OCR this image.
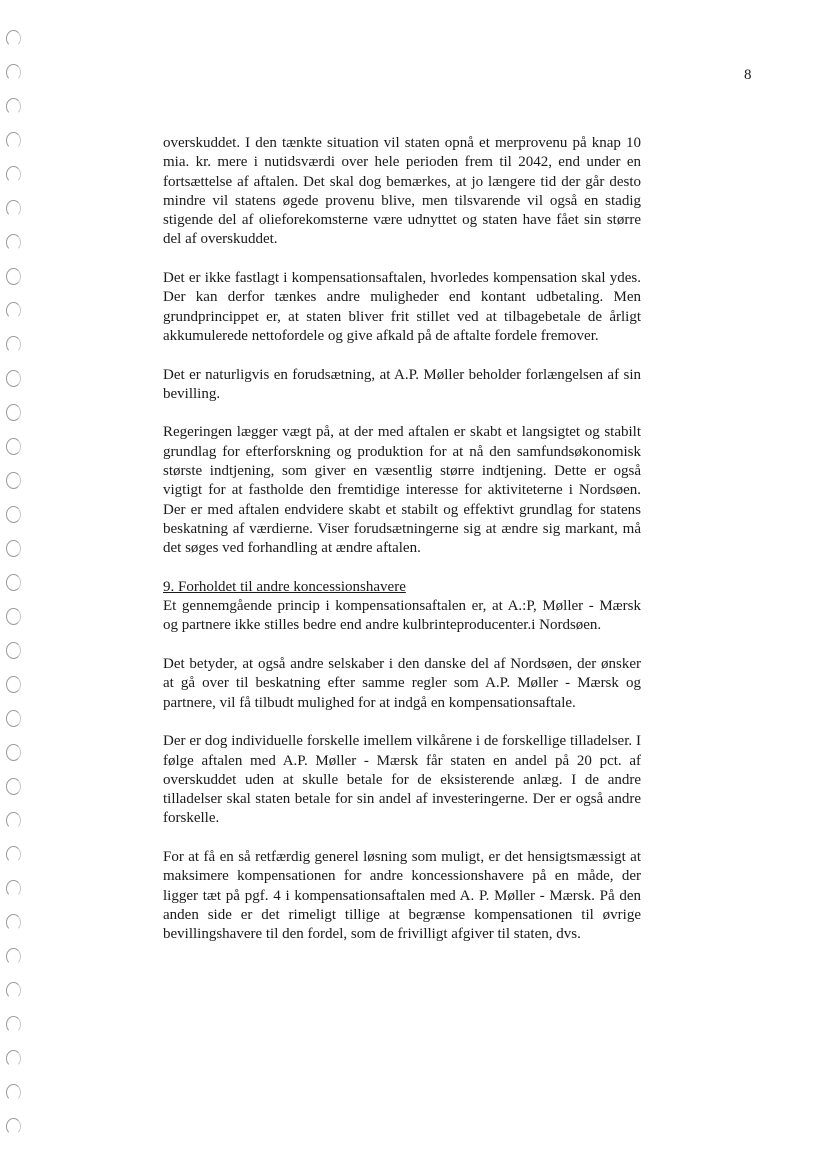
8

overskuddet. I den tænkte situation vil staten opnå et merprovenu på knap 10 mia. kr. mere i nutidsværdi over hele perioden frem til 2042, end under en fortsættelse af aftalen. Det skal dog bemærkes, at jo længere tid der går desto mindre vil statens øgede provenu blive, men tilsvarende vil også en stadig stigende del af olieforekomsterne være udnyttet og staten have fået sin større del af overskuddet.

Det er ikke fastlagt i kompensationsaftalen, hvorledes kompensation skal ydes. Der kan derfor tænkes andre muligheder end kontant udbetaling. Men grundprincippet er, at staten bliver frit stillet ved at tilbagebetale de årligt akkumulerede nettofordele og give afkald på de aftalte fordele fremover.

Det er naturligvis en forudsætning, at A.P. Møller beholder forlængelsen af sin bevilling.

Regeringen lægger vægt på, at der med aftalen er skabt et langsigtet og stabilt grundlag for efterforskning og produktion for at nå den samfundsøkonomisk største indtjening, som giver en væsentlig større indtjening. Dette er også vigtigt for at fastholde den fremtidige interesse for aktiviteterne i Nordsøen. Der er med aftalen endvidere skabt et stabilt og effektivt grundlag for statens beskatning af værdierne. Viser forudsætningerne sig at ændre sig markant, må det søges ved forhandling at ændre aftalen.

9. Forholdet til andre koncessionshavere

Et gennemgående princip i kompensationsaftalen er, at A.:P, Møller - Mærsk og partnere ikke stilles bedre end andre kulbrinteproducenter.i Nordsøen.

Det betyder, at også andre selskaber i den danske del af Nordsøen, der ønsker at gå over til beskatning efter samme regler som A.P. Møller - Mærsk og partnere, vil få tilbudt mulighed for at indgå en kompensationsaftale.

Der er dog individuelle forskelle imellem vilkårene i de forskellige tilladelser. I følge aftalen med A.P. Møller - Mærsk får staten en andel på 20 pct. af overskuddet uden at skulle betale for de eksisterende anlæg. I de andre tilladelser skal staten betale for sin andel af investeringerne. Der er også andre forskelle.

For at få en så retfærdig generel løsning som muligt, er det hensigtsmæssigt at maksimere kompensationen for andre koncessionshavere på en måde, der ligger tæt på pgf. 4 i kompensationsaftalen med A. P. Møller - Mærsk. På den anden side er det rimeligt tillige at begrænse kompensationen til øvrige bevillingshavere til den fordel, som de frivilligt afgiver til staten, dvs.
